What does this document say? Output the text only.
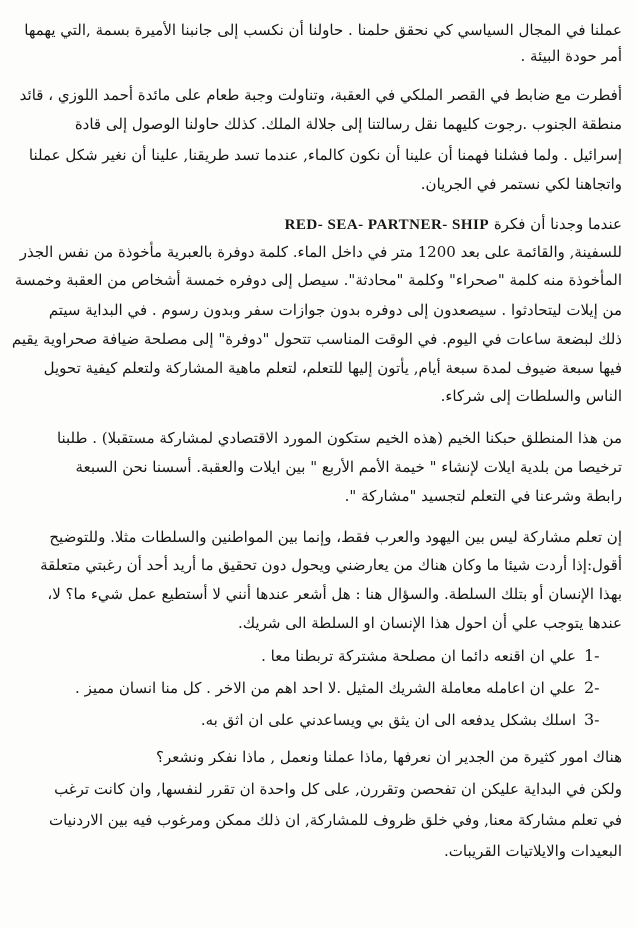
عملنا في المجال السياسي كي نحقق حلمنا . حاولنا أن نكسب إلى جانبنا الأميرة بسمة ,التي يهمها
أمر حودة البيئة .
أفطرت مع ضابط في القصر الملكي في العقبة، وتناولت وجبة طعام على مائدة أحمد اللوزي ، قائد
منطقة الجنوب .رجوت كليهما نقل رسالتنا إلى جلالة الملك. كذلك حاولنا الوصول إلى قادة
إسرائيل . ولما فشلنا فهمنا أن علينا أن نكون كالماء, عندما تسد طريقنا, علينا أن نغير شكل عملنا
واتجاهنا لكي نستمر في الجريان.
عندما وجدنا أن فكرة RED- SEA- PARTNER- SHIP
للسفينة, والقائمة على بعد 1200 متر في داخل الماء. كلمة دوفرة بالعبرية مأخوذة من نفس الجذر
المأخوذة منه كلمة "صحراء" وكلمة "محادثة". سيصل إلى دوفره خمسة أشخاص من العقبة وخمسة
من إيلات ليتحادثوا . سيصعدون إلى دوفره بدون جوازات سفر وبدون رسوم . في البداية سيتم
ذلك لبضعة ساعات في اليوم. في الوقت المناسب تتحول "دوفرة" إلى مصلحة ضيافة صحراوية يقيم
فيها سبعة ضيوف لمدة سبعة أيام, يأتون إليها للتعلم، لتعلم ماهية المشاركة ولتعلم كيفية تحويل
الناس والسلطات إلى شركاء.
من هذا المنطلق حبكنا الخيم (هذه الخيم ستكون المورد الاقتصادي لمشاركة مستقبلا) . طلبنا
ترخيصا من بلدية ايلات لإنشاء " خيمة الأمم الأربع " بين ايلات والعقبة. أسسنا نحن السبعة
رابطة وشرعنا في التعلم لتجسيد "مشاركة ".
إن تعلم مشاركة ليس بين اليهود والعرب فقط، وإنما بين المواطنين والسلطات مثلا. وللتوضيح
أقول:إذا أردت شيئا ما وكان هناك من يعارضني ويحول دون تحقيق ما أريد أحد أن رغبتي متعلقة
بهذا الإنسان أو بتلك السلطة. والسؤال هنا : هل أشعر عندها أنني لا أستطيع عمل شيء ما؟ لا،
عندها يتوجب علي أن احول هذا الإنسان او السلطة الى شريك.
1-
علي ان اقنعه دائما ان مصلحة مشتركة تربطنا معا .
2-
علي ان اعامله معاملة الشريك المثيل .لا احد اهم من الاخر . كل منا انسان مميز .
3-
اسلك بشكل يدفعه الى ان يثق بي ويساعدني على ان اثق به.
هناك امور كثيرة من الجدير ان نعرفها ,ماذا عملنا ونعمل , ماذا نفكر ونشعر؟
ولكن في البداية عليكن ان تفحصن وتقررن, على كل واحدة ان تقرر لنفسها, وان كانت ترغب
في تعلم مشاركة معنا, وفي خلق ظروف للمشاركة, ان ذلك ممكن ومرغوب فيه بين الاردنيات
البعيدات والايلاتيات القريبات.
